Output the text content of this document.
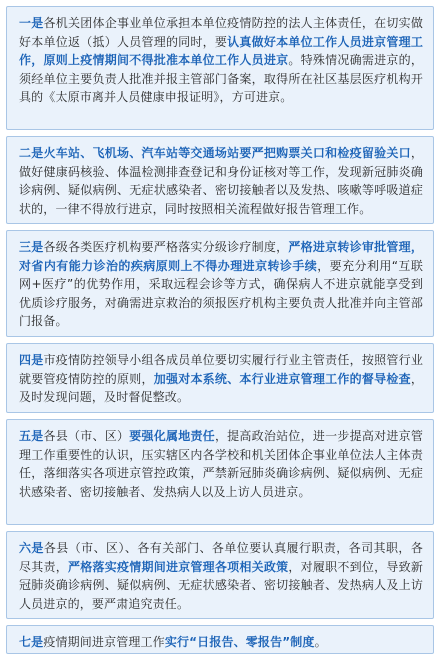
一是各机关团体企事业单位承担本单位疫情防控的法人主体责任，在切实做好本单位返（抵）人员管理的同时，要认真做好本单位工作人员进京管理工作，原则上疫情期间不得批准本单位工作人员进京。特殊情况确需进京的，须经单位主要负责人批准并报主管部门备案，取得所在社区基层医疗机构开具的《太原市离并人员健康申报证明》，方可进京。
二是火车站、飞机场、汽车站等交通场站要严把购票关口和检疫留验关口，做好健康码核验、体温检测排查登记和身份证核对等工作，发现新冠肺炎确诊病例、疑似病例、无症状感染者、密切接触者以及发热、咳嗽等呼吸道症状的，一律不得放行进京，同时按照相关流程做好报告管理工作。
三是各级各类医疗机构要严格落实分级诊疗制度，严格进京转诊审批管理，对省内有能力诊治的疾病原则上不得办理进京转诊手续，要充分利用“互联网+医疗”的优势作用，采取远程会诊等方式，确保病人不进京就能享受到优质诊疗服务，对确需进京救治的须报医疗机构主要负责人批准并向主管部门报备。
四是市疫情防控领导小组各成员单位要切实履行行业主管责任，按照管行业就要管疫情防控的原则，加强对本系统、本行业进京管理工作的督导检查，及时发现问题，及时督促整改。
五是各县（市、区）要强化属地责任，提高政治站位，进一步提高对进京管理工作重要性的认识，压实辖区内各学校和机关团体企事业单位法人主体责任，落细落实各项进京管控政策，严禁新冠肺炎确诊病例、疑似病例、无症状感染者、密切接触者、发热病人以及上访人员进京。
六是各县（市、区）、各有关部门、各单位要认真履行职责，各司其职，各尽其责，严格落实疫情期间进京管理各项相关政策，对履职不到位，导致新冠肺炎确诊病例、疑似病例、无症状感染者、密切接触者、发热病人及上访人员进京的，要严肃追究责任。
七是疫情期间进京管理工作实行“日报告、零报告”制度。
